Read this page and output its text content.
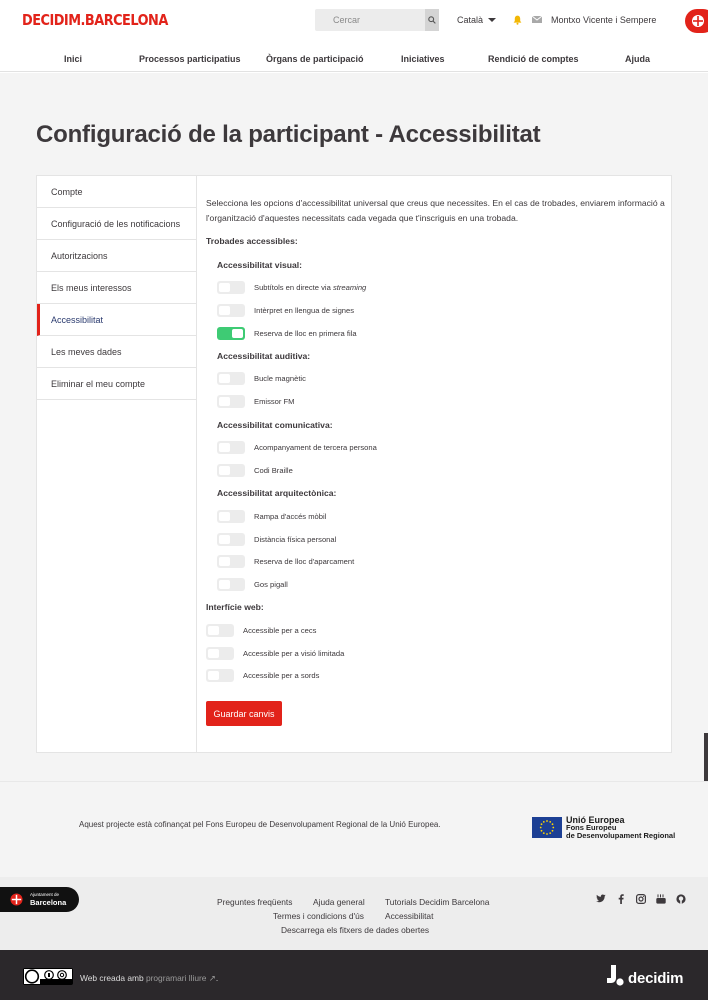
DECIDIM.BARCELONA
Cercar	Català	Montxo Vicente i Sempere
Inici	Processos participatius	Òrgans de participació	Iniciatives	Rendició de comptes	Ajuda
Configuració de la participant - Accessibilitat
Compte
Configuració de les notificacions
Autoritzacions
Els meus interessos
Accessibilitat
Les meves dades
Eliminar el meu compte

Selecciona les opcions d'accessibilitat universal que creus que necessites. En el cas de trobades, enviarem informació a l'organització d'aquestes necessitats cada vegada que t'inscriguis en una trobada.

Trobades accessibles:
Accessibilitat visual:
Subtítols en directe via streaming
Intèrpret en llengua de signes
Reserva de lloc en primera fila
Accessibilitat auditiva:
Bucle magnètic
Emissor FM
Accessibilitat comunicativa:
Acompanyament de tercera persona
Codi Braille
Accessibilitat arquitectònica:
Rampa d'accés mòbil
Distància física personal
Reserva de lloc d'aparcament
Gos pigall
Interfície web:
Accessible per a cecs
Accessible per a visió limitada
Accessible per a sords
Guardar canvis
Aquest projecte està cofinançat pel Fons Europeu de Desenvolupament Regional de la Unió Europea.	Unió Europea
Fons Europeu
de Desenvolupament Regional
Ajuntament de
Barcelona	Preguntes freqüents Ajuda general Tutorials Decidim Barcelona
Termes i condicions d'ús	Accessibilitat
Descarrega els fitxers de dades obertes
Web creada amb programari lliure ↗.	decidim
